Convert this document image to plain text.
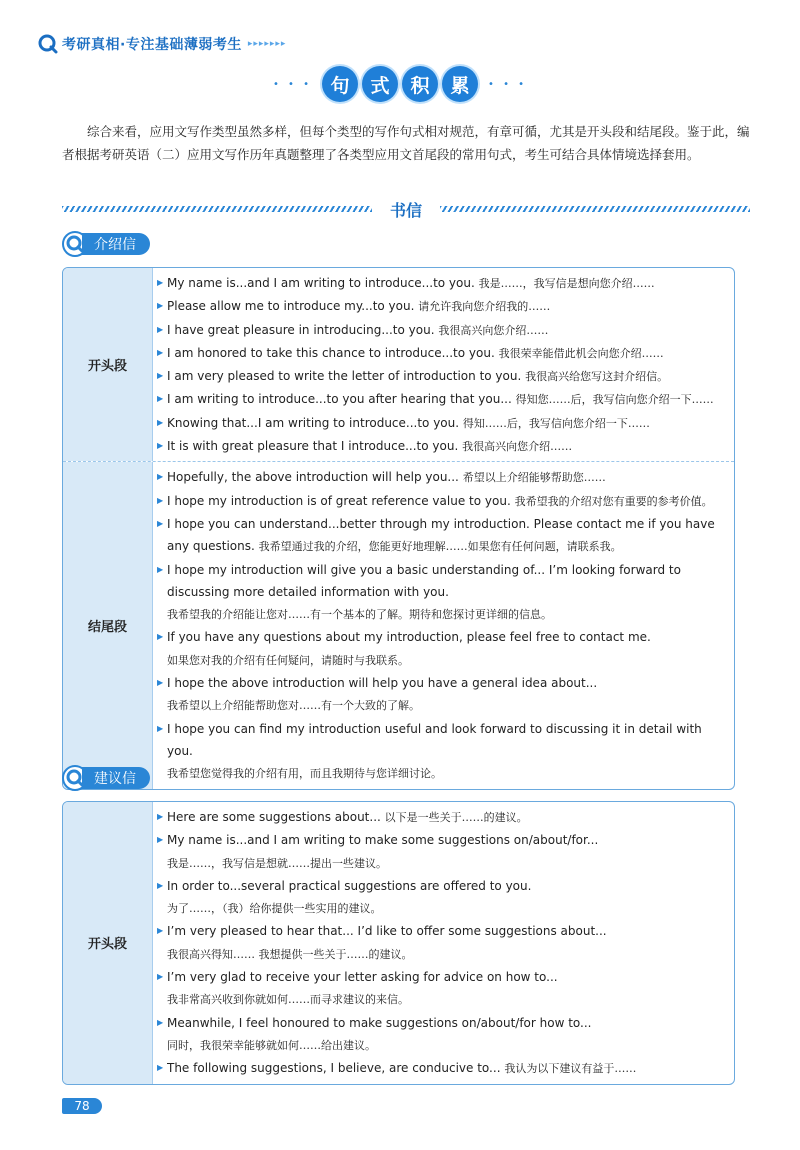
考研真相·专注基础薄弱考生 ▸▸▸▸▸▸▸
• • • 句	式	积	累	• • •

综合来看，应用文写作类型虽然多样，但每个类型的写作句式相对规范，有章可循，尤其是开头段和结尾段。鉴于此，编者根据考研英语（二）应用文写作历年真题整理了各类型应用文首尾段的常用句式，考生可结合具体情境选择套用。

书信
介绍信
开头段
▶ My name is...and I am writing to introduce...to you. 我是……，我写信是想向您介绍……
▶ Please allow me to introduce my...to you. 请允许我向您介绍我的……
▶ I have great pleasure in introducing...to you. 我很高兴向您介绍……
▶ I am honored to take this chance to introduce...to you. 我很荣幸能借此机会向您介绍……
▶ I am very pleased to write the letter of introduction to you. 我很高兴给您写这封介绍信。
▶ I am writing to introduce...to you after hearing that you... 得知您……后，我写信向您介绍一下……
▶ Knowing that...I am writing to introduce...to you. 得知……后，我写信向您介绍一下……
▶ It is with great pleasure that I introduce...to you. 我很高兴向您介绍……
结尾段
▶ Hopefully, the above introduction will help you... 希望以上介绍能够帮助您……
▶ I hope my introduction is of great reference value to you. 我希望我的介绍对您有重要的参考价值。
▶ I hope you can understand...better through my introduction. Please contact me if you have any questions. 我希望通过我的介绍，您能更好地理解……如果您有任何问题，请联系我。
▶ I hope my introduction will give you a basic understanding of... I’m looking forward to discussing more detailed information with you.
我希望我的介绍能让您对……有一个基本的了解。期待和您探讨更详细的信息。
▶ If you have any questions about my introduction, please feel free to contact me.
如果您对我的介绍有任何疑问，请随时与我联系。
▶ I hope the above introduction will help you have a general idea about...
我希望以上介绍能帮助您对……有一个大致的了解。
▶ I hope you can find my introduction useful and look forward to discussing it in detail with you.
我希望您觉得我的介绍有用，而且我期待与您详细讨论。
建议信
开头段
▶ Here are some suggestions about... 以下是一些关于……的建议。
▶ My name is...and I am writing to make some suggestions on/about/for...
我是……，我写信是想就……提出一些建议。
▶ In order to...several practical suggestions are offered to you.
为了……，（我）给你提供一些实用的建议。
▶ I’m very pleased to hear that... I’d like to offer some suggestions about...
我很高兴得知…… 我想提供一些关于……的建议。
▶ I’m very glad to receive your letter asking for advice on how to...
我非常高兴收到你就如何……而寻求建议的来信。
▶ Meanwhile, I feel honoured to make suggestions on/about/for how to...
同时，我很荣幸能够就如何……给出建议。
▶ The following suggestions, I believe, are conducive to... 我认为以下建议有益于……
78
